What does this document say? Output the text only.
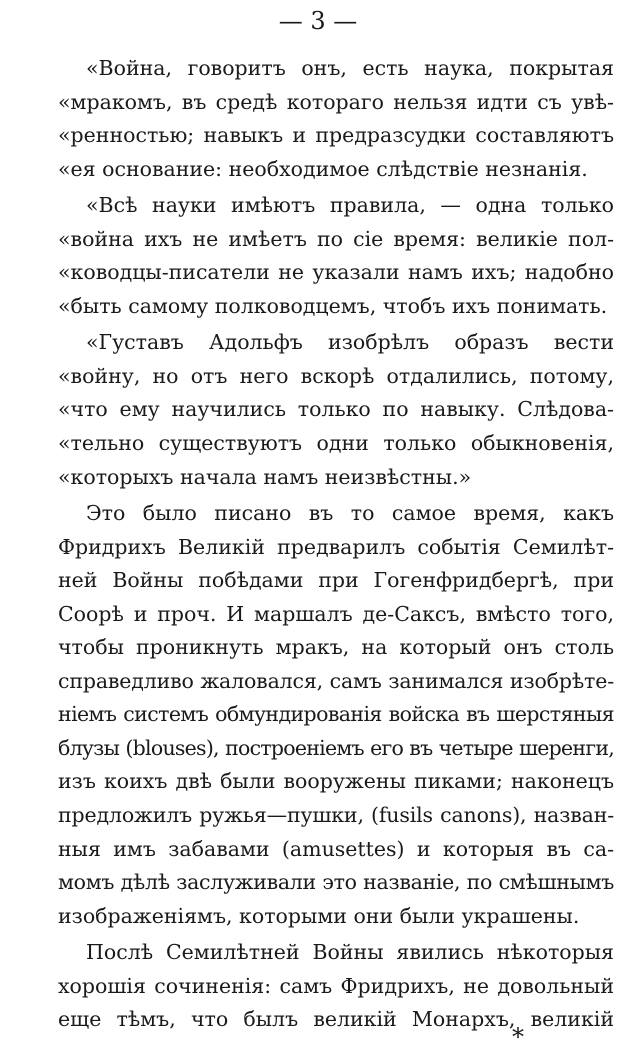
— 3 —
«Война, говоритъ онъ, есть наука, покрытая
«мракомъ, въ средѣ котораго нельзя идти съ увѣ-
«ренностью; навыкъ и предразсудки составляютъ
«ея основание: необходимое слѣдствіе незнанія.
«Всѣ науки имѣютъ правила, — одна только
«война ихъ не имѣетъ по сіе время: великіе пол-
«ководцы-писатели не указали намъ ихъ; надобно
«быть самому полководцемъ, чтобъ ихъ понимать.
«Густавъ Адольфъ изобрѣлъ образъ вести
«войну, но отъ него вскорѣ отдалились, потому,
«что ему научились только по навыку. Слѣдова-
«тельно существуютъ одни только обыкновенія,
«которыхъ начала намъ неизвѣстны.»
Это было писано въ то самое время, какъ
Фридрихъ Великій предварилъ событія Семилѣт-
ней Войны побѣдами при Гогенфридбергѣ, при
Соорѣ и проч. И маршалъ де-Саксъ, вмѣсто того,
чтобы проникнуть мракъ, на который онъ столь
справедливо жаловался, самъ занимался изобрѣте-
ніемъ системъ обмундированія войска въ шерстяныя
блузы (blouses), построеніемъ его въ четыре шеренги,
изъ коихъ двѣ были вооружены пиками; наконецъ
предложилъ ружья—пушки, (fusils canons), назван-
ныя имъ забавами (amusettes) и которыя въ са-
момъ дѣлѣ заслуживали это названіе, по смѣшнымъ
изображеніямъ, которыми они были украшены.
Послѣ Семилѣтней Войны явились нѣкоторыя
хорошія сочиненія: самъ Фридрихъ, не довольный
еще тѣмъ, что былъ великій Монархъ, великій
*
